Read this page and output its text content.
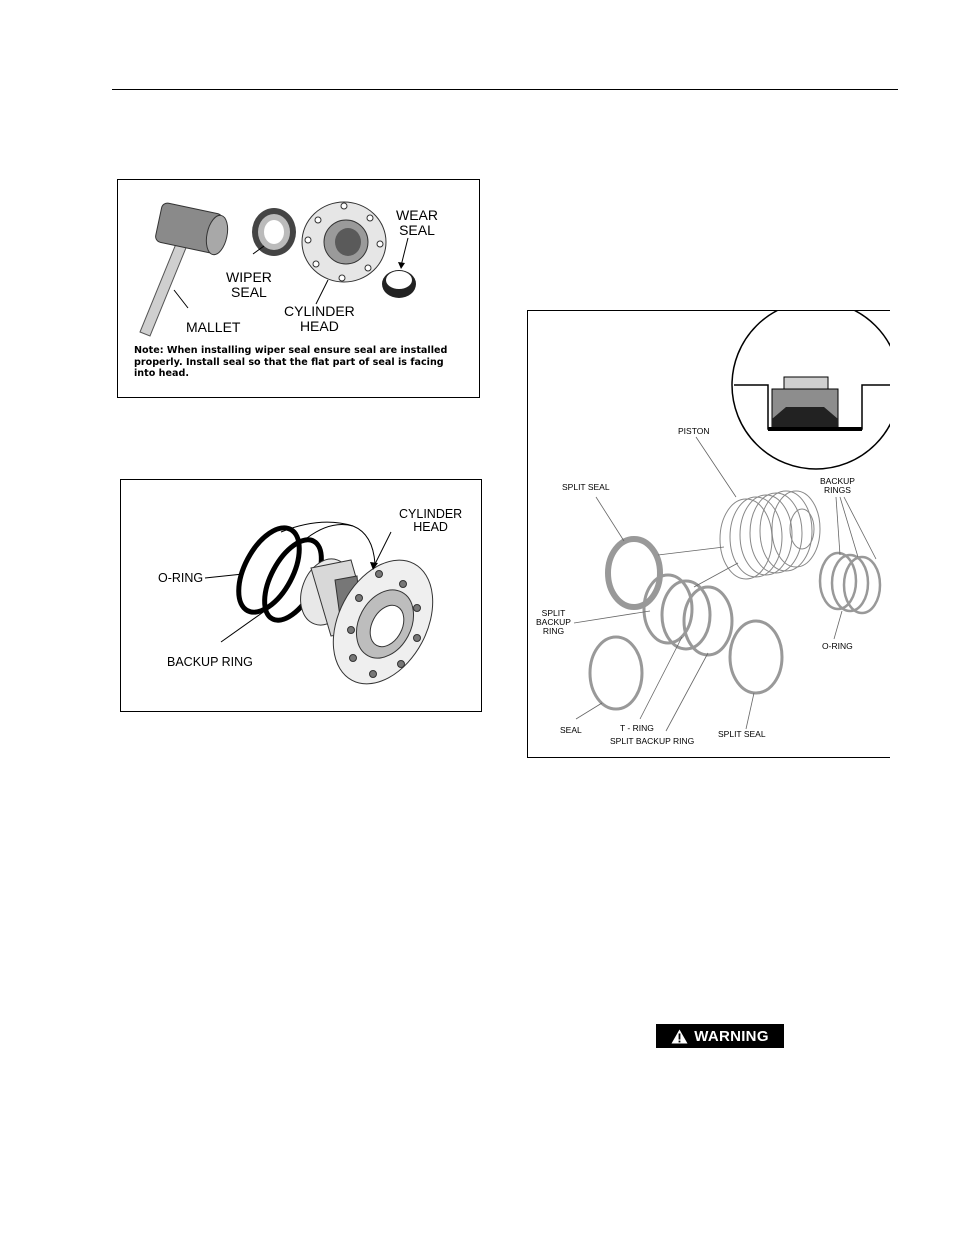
WEAR
SEAL
WIPER
SEAL
CYLINDER
HEAD
MALLET
Note: When installing wiper seal ensure seal are installed properly. Install seal so that the flat part of seal is facing into head.
CYLINDER
HEAD
O-RING
BACKUP RING
PISTON
SPLIT SEAL
BACKUP
RINGS
SPLIT
BACKUP
RING
O-RING
SEAL	T - RING
SPLIT BACKUP RING
SPLIT SEAL
WARNING
